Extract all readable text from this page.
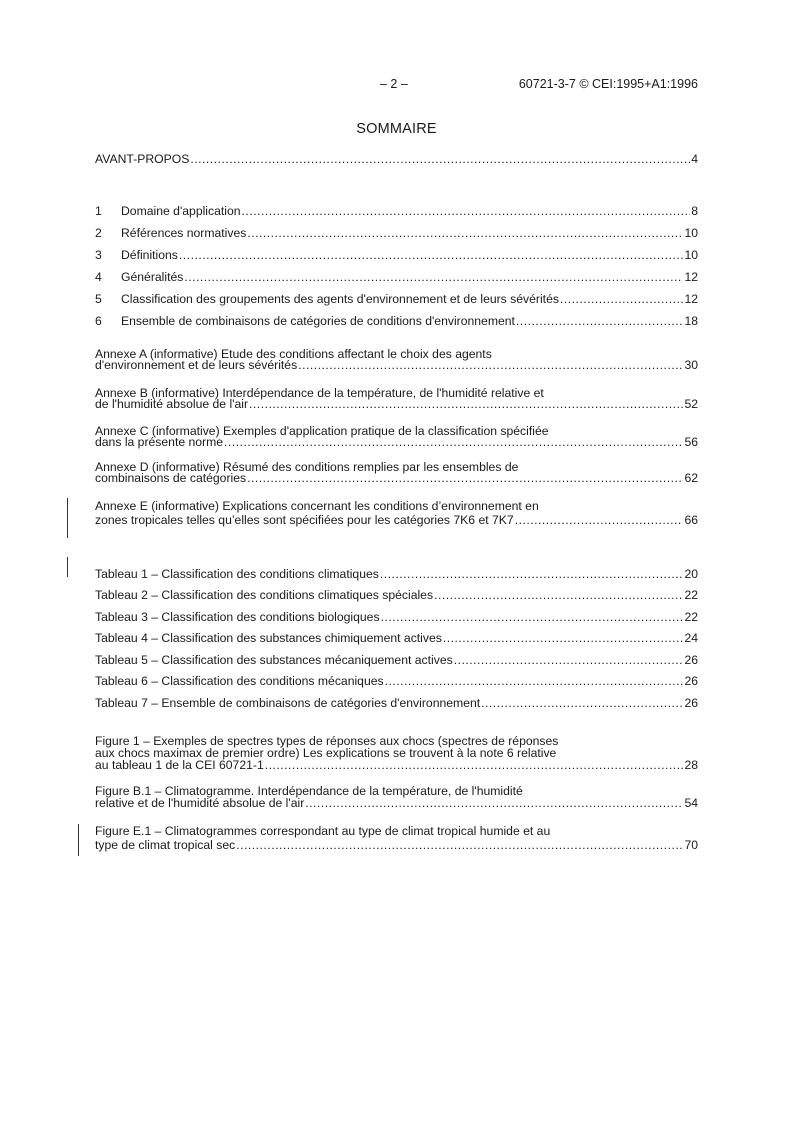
– 2 –	60721-3-7 © CEI:1995+A1:1996
SOMMAIRE
AVANT-PROPOS .....	4
1	Domaine d'application .....	8
2	Références normatives .....	10
3	Définitions .....	10
4	Généralités .....	12
5	Classification des groupements des agents d'environnement et de leurs sévérités .....	12
6	Ensemble de combinaisons de catégories de conditions d'environnement .....	18
Annexe A (informative) Etude des conditions affectant le choix des agents
d'environnement et de leurs sévérités .....	30
Annexe B (informative) Interdépendance de la température, de l'humidité relative et
de l'humidité absolue de l'air .....	52
Annexe C (informative) Exemples d'application pratique de la classification spécifiée
dans la présente norme .....	56
Annexe D (informative) Résumé des conditions remplies par les ensembles de
combinaisons de catégories .....	62
Annexe E (informative) Explications concernant les conditions d’environnement en
zones tropicales telles qu’elles sont spécifiées pour les catégories 7K6 et 7K7 .....	66
Tableau 1 – Classification des conditions climatiques .....	20
Tableau 2 – Classification des conditions climatiques spéciales .....	22
Tableau 3 – Classification des conditions biologiques .....	22
Tableau 4 – Classification des substances chimiquement actives .....	24
Tableau 5 – Classification des substances mécaniquement actives .....	26
Tableau 6 – Classification des conditions mécaniques .....	26
Tableau 7 – Ensemble de combinaisons de catégories d'environnement .....	26
Figure 1 – Exemples de spectres types de réponses aux chocs (spectres de réponses
aux chocs maximax de premier ordre) Les explications se trouvent à la note 6 relative
au tableau 1 de la CEI 60721-1 .....	28
Figure B.1 – Climatogramme. Interdépendance de la température, de l'humidité
relative et de l'humidité absolue de l'air .....	54
Figure E.1 – Climatogrammes correspondant au type de climat tropical humide et au
type de climat tropical sec .....	70
